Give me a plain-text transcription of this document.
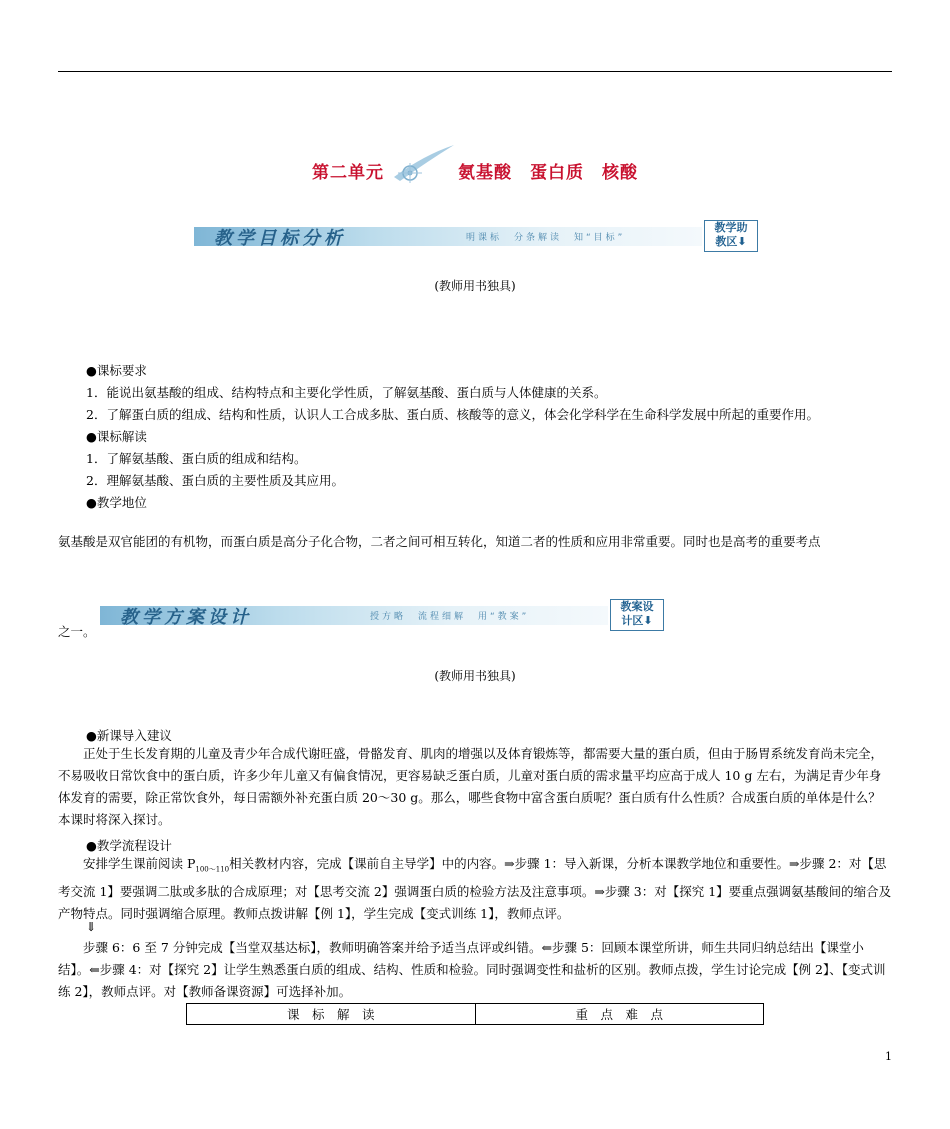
第二单元	氨基酸 蛋白质 核酸
教学目标分析	明课标　分条解读　知“目标”
教学助
教区⬇
(教师用书独具)
●课标要求
1．能说出氨基酸的组成、结构特点和主要化学性质，了解氨基酸、蛋白质与人体健康的关系。
2．了解蛋白质的组成、结构和性质，认识人工合成多肽、蛋白质、核酸等的意义，体会化学科学在生命科学发展中所起的重要作用。
●课标解读
1．了解氨基酸、蛋白质的组成和结构。
2．理解氨基酸、蛋白质的主要性质及其应用。
●教学地位
氨基酸是双官能团的有机物，而蛋白质是高分子化合物，二者之间可相互转化，知道二者的性质和应用非常重要。同时也是高考的重要考点
之一。
教学方案设计	授方略　流程细解　用“教案”
教案设
计区⬇
(教师用书独具)
●新课导入建议

正处于生长发育期的儿童及青少年合成代谢旺盛，骨骼发育、肌肉的增强以及体育锻炼等，都需要大量的蛋白质，但由于肠胃系统发育尚未完全，不易吸收日常饮食中的蛋白质，许多少年儿童又有偏食情况，更容易缺乏蛋白质，儿童对蛋白质的需求量平均应高于成人 10 g 左右，为满足青少年身体发育的需要，除正常饮食外，每日需额外补充蛋白质 20～30 g。那么，哪些食物中富含蛋白质呢？蛋白质有什么性质？合成蛋白质的单体是什么？本课时将深入探讨。

●教学流程设计

安排学生课前阅读 $P_{100\sim 110}$相关教材内容，完成【课前自主导学】中的内容。⇒步骤 1：导入新课，分析本课教学地位和重要性。⇒步骤 2：对【思考交流 1】要强调二肽或多肽的合成原理；对【思考交流 2】强调蛋白质的检验方法及注意事项。⇒步骤 3：对【探究 1】要重点强调氨基酸间的缩合及产物特点。同时强调缩合原理。教师点拨讲解【例 1】，学生完成【变式训练 1】，教师点评。

⇓

步骤 6：6 至 7 分钟完成【当堂双基达标】，教师明确答案并给予适当点评或纠错。⇐步骤 5：回顾本课堂所讲，师生共同归纳总结出【课堂小结】。⇐步骤 4：对【探究 2】让学生熟悉蛋白质的组成、结构、性质和检验。同时强调变性和盐析的区别。教师点拨，学生讨论完成【例 2】、【变式训练 2】，教师点评。对【教师备课资源】可选择补加。

课　标　解　读	重　点　难　点
1
